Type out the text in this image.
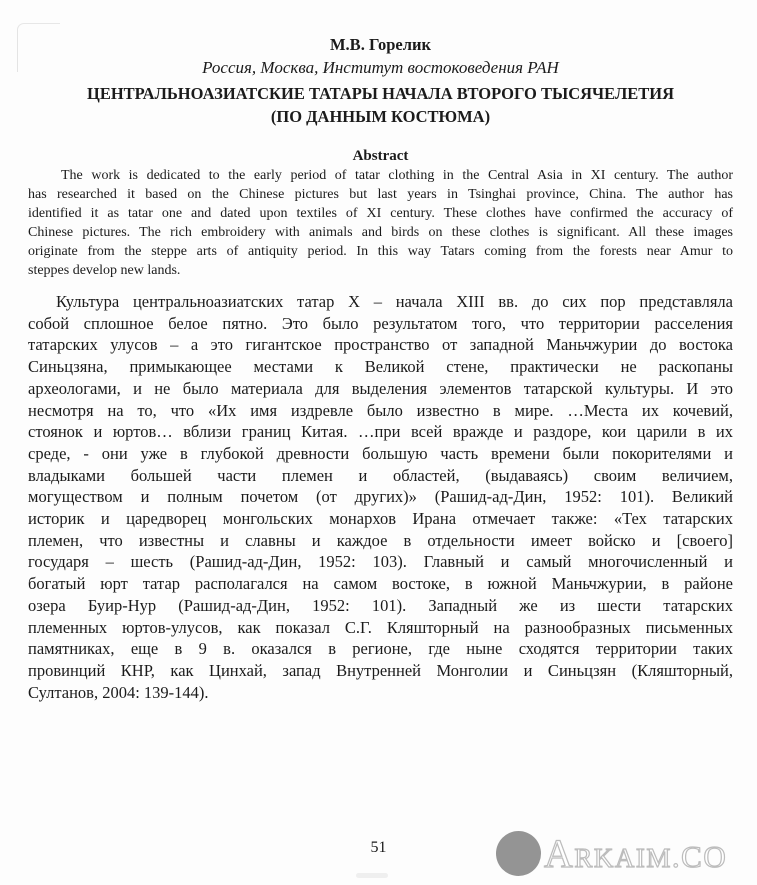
М.В. Горелик
Россия, Москва, Институт востоковедения РАН
ЦЕНТРАЛЬНОАЗИАТСКИЕ ТАТАРЫ НАЧАЛА ВТОРОГО ТЫСЯЧЕЛЕТИЯ
(ПО ДАННЫМ КОСТЮМА)
Abstract
The work is dedicated to the early period of tatar clothing in the Central Asia in XI century. The author
has researched it based on the Chinese pictures but last years in Tsinghai province, China. The author has
identified it as tatar one and dated upon textiles of XI century. These clothes have confirmed the accuracy of
Chinese pictures. The rich embroidery with animals and birds on these clothes is significant. All these images
originate from the steppe arts of antiquity period. In this way Tatars coming from the forests near Amur to
steppes develop new lands.
Культура центральноазиатских татар X – начала XIII вв. до сих пор представляла
собой сплошное белое пятно. Это было результатом того, что территории расселения
татарских улусов – а это гигантское пространство от западной Маньчжурии до востока
Синьцзяна, примыкающее местами к Великой стене, практически не раскопаны
археологами, и не было материала для выделения элементов татарской культуры. И это
несмотря на то, что «Их имя издревле было известно в мире. …Места их кочевий,
стоянок и юртов… вблизи границ Китая. …при всей вражде и раздоре, кои царили в их
среде, - они уже в глубокой древности большую часть времени были покорителями и
владыками большей части племен и областей, (выдаваясь) своим величием,
могуществом и полным почетом (от других)» (Рашид-ад-Дин, 1952: 101). Великий
историк и царедворец монгольских монархов Ирана отмечает также: «Тех татарских
племен, что известны и славны и каждое в отдельности имеет войско и [своего]
государя – шесть (Рашид-ад-Дин, 1952: 103). Главный и самый многочисленный и
богатый юрт татар располагался на самом востоке, в южной Маньчжурии, в районе
озера Буир-Нур (Рашид-ад-Дин, 1952: 101). Западный же из шести татарских
племенных юртов-улусов, как показал С.Г. Кляшторный на разнообразных письменных
памятниках, еще в 9 в. оказался в регионе, где ныне сходятся территории таких
провинций КНР, как Цинхай, запад Внутренней Монголии и Синьцзян (Кляшторный,
Султанов, 2004: 139-144).
51	ARKAIM.CO
